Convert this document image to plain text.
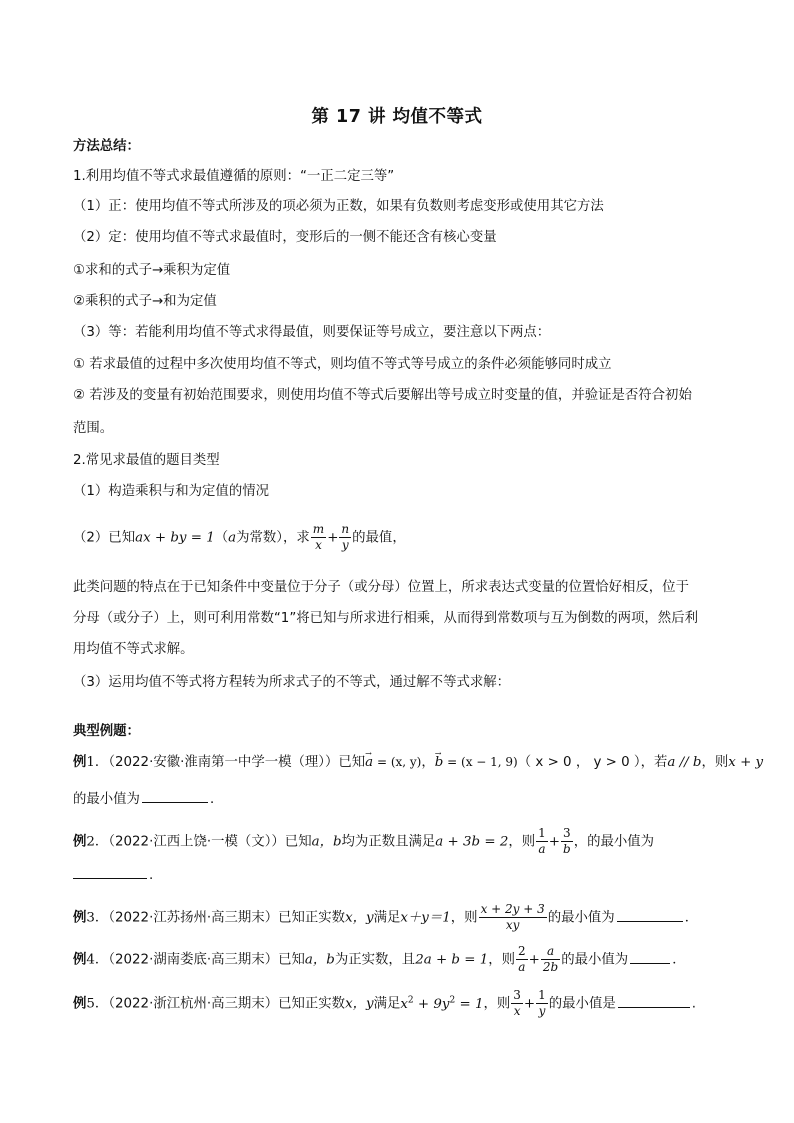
第 17 讲 均值不等式
方法总结：
1.利用均值不等式求最值遵循的原则：“一正二定三等”
（1）正：使用均值不等式所涉及的项必须为正数，如果有负数则考虑变形或使用其它方法
（2）定：使用均值不等式求最值时，变形后的一侧不能还含有核心变量
①求和的式子→乘积为定值
②乘积的式子→和为定值
（3）等：若能利用均值不等式求得最值，则要保证等号成立，要注意以下两点：
① 若求最值的过程中多次使用均值不等式，则均值不等式等号成立的条件必须能够同时成立
② 若涉及的变量有初始范围要求，则使用均值不等式后要解出等号成立时变量的值，并验证是否符合初始
范围。
2.常见求最值的题目类型
（1）构造乘积与和为定值的情况
（2）已知ax + by = 1（a为常数），求 $\frac{m}{x} + \frac{n}{y}$ 的最值，
此类问题的特点在于已知条件中变量位于分子（或分母）位置上，所求表达式变量的位置恰好相反，位于
分母（或分子）上，则可利用常数“1”将已知与所求进行相乘，从而得到常数项与互为倒数的两项，然后利
用均值不等式求解。
（3）运用均值不等式将方程转为所求式子的不等式，通过解不等式求解：
典型例题：
例1．（2022·安徽·淮南第一中学一模（理））已知→ a = (x, y)，→ b = (x − 1, 9)（ x > 0 ， y > 0 ），若a // b，则x + y
的最小值为	．
例2．（2022·江西上饶·一模（文））已知a，b均为正数且满足a + 3b = 2，则 $\frac{1}{a} + \frac{3}{b}$ ，的最小值为
.
例3．（2022·江苏扬州·高三期末）已知正实数x，y满足x＋y＝1，则 $\frac{x + 2y + 3}{xy}$ 的最小值为	．
例4．（2022·湖南娄底·高三期末）已知a，b为正实数，且2a + b = 1，则 $\frac{2}{a} + \frac{a}{2b}$ 的最小值为	．
例5．（2022·浙江杭州·高三期末）已知正实数x，y满足$x^2 + 9y^2 = 1$，则 $\frac{3}{x} + \frac{1}{y}$ 的最小值是	.
